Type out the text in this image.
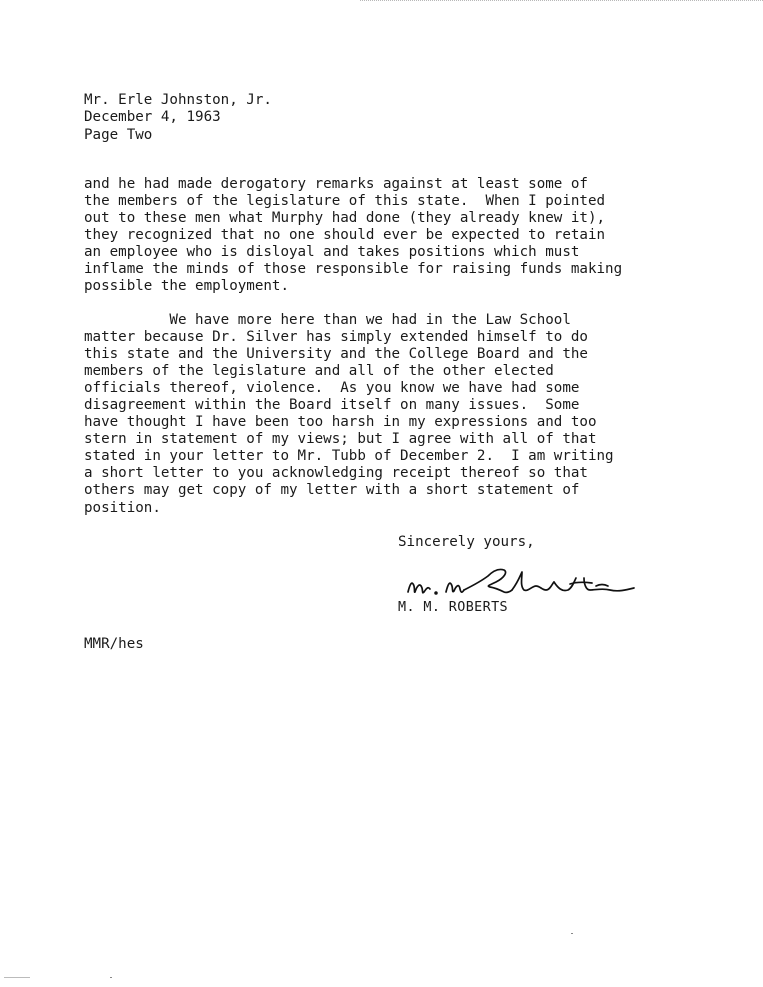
Mr. Erle Johnston, Jr.
December 4, 1963
Page Two
and he had made derogatory remarks against at least some of
the members of the legislature of this state.  When I pointed
out to these men what Murphy had done (they already knew it),
they recognized that no one should ever be expected to retain
an employee who is disloyal and takes positions which must
inflame the minds of those responsible for raising funds making
possible the employment.
We have more here than we had in the Law School
matter because Dr. Silver has simply extended himself to do
this state and the University and the College Board and the
members of the legislature and all of the other elected
officials thereof, violence.  As you know we have had some
disagreement within the Board itself on many issues.  Some
have thought I have been too harsh in my expressions and too
stern in statement of my views; but I agree with all of that
stated in your letter to Mr. Tubb of December 2.  I am writing
a short letter to you acknowledging receipt thereof so that
others may get copy of my letter with a short statement of
position.
Sincerely yours,
M. M. ROBERTS
MMR/hes
